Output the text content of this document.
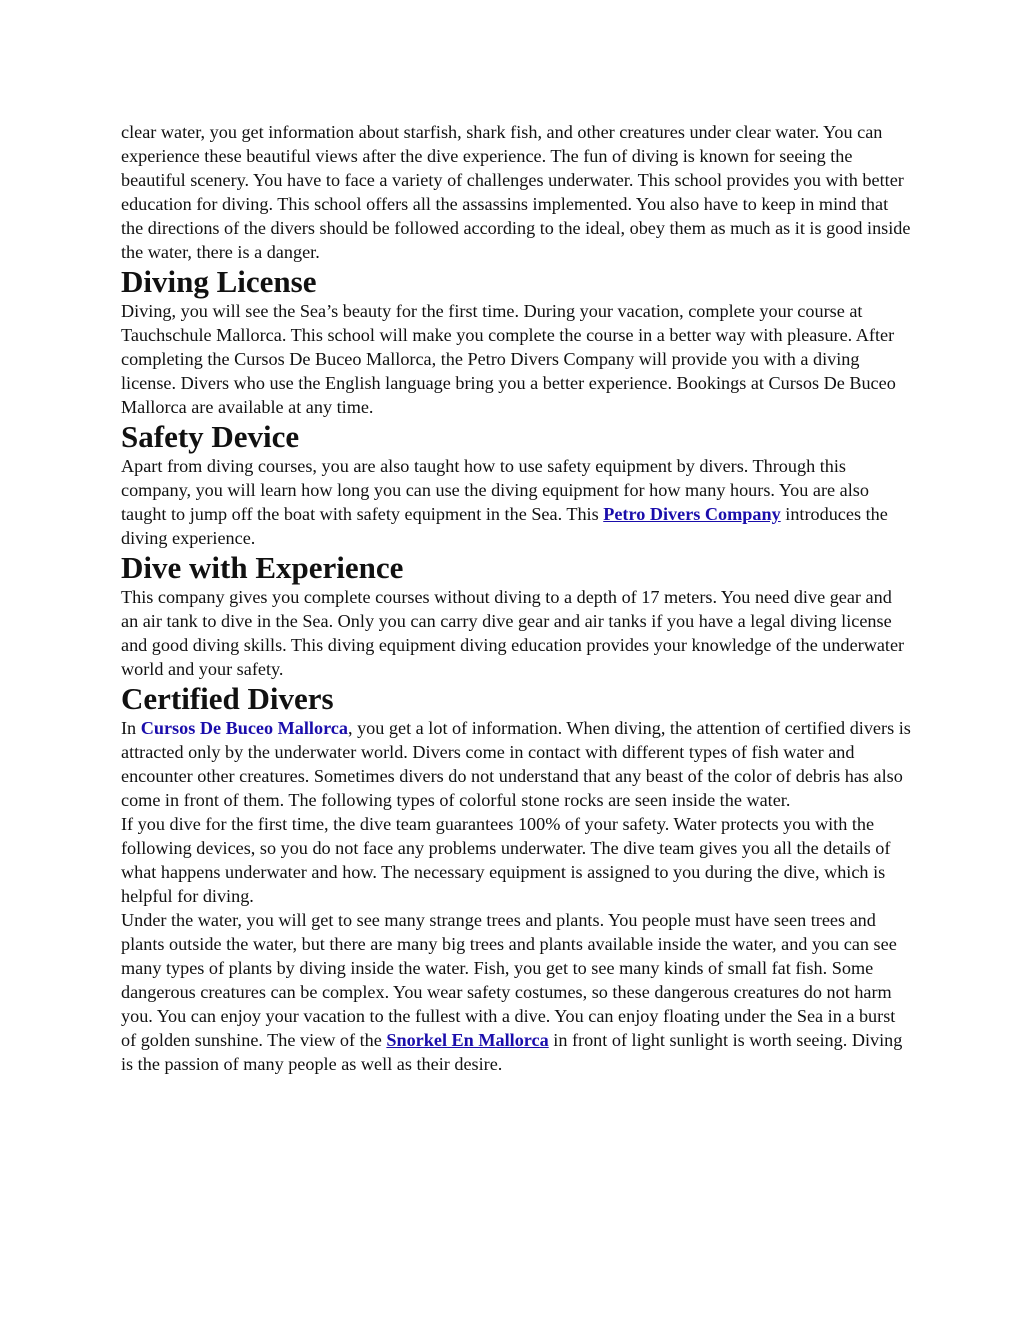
clear water, you get information about starfish, shark fish, and other creatures under clear water. You can experience these beautiful views after the dive experience. The fun of diving is known for seeing the beautiful scenery. You have to face a variety of challenges underwater. This school provides you with better education for diving. This school offers all the assassins implemented. You also have to keep in mind that the directions of the divers should be followed according to the ideal, obey them as much as it is good inside the water, there is a danger.

Diving License

Diving, you will see the Sea’s beauty for the first time. During your vacation, complete your course at Tauchschule Mallorca. This school will make you complete the course in a better way with pleasure. After completing the Cursos De Buceo Mallorca, the Petro Divers Company will provide you with a diving license. Divers who use the English language bring you a better experience. Bookings at Cursos De Buceo Mallorca are available at any time.

Safety Device

Apart from diving courses, you are also taught how to use safety equipment by divers. Through this company, you will learn how long you can use the diving equipment for how many hours. You are also taught to jump off the boat with safety equipment in the Sea. This Petro Divers Company introduces the diving experience.

Dive with Experience

This company gives you complete courses without diving to a depth of 17 meters. You need dive gear and an air tank to dive in the Sea. Only you can carry dive gear and air tanks if you have a legal diving license and good diving skills. This diving equipment diving education provides your knowledge of the underwater world and your safety.

Certified Divers

In Cursos De Buceo Mallorca, you get a lot of information. When diving, the attention of certified divers is attracted only by the underwater world. Divers come in contact with different types of fish water and encounter other creatures. Sometimes divers do not understand that any beast of the color of debris has also come in front of them. The following types of colorful stone rocks are seen inside the water.

If you dive for the first time, the dive team guarantees 100% of your safety. Water protects you with the following devices, so you do not face any problems underwater. The dive team gives you all the details of what happens underwater and how. The necessary equipment is assigned to you during the dive, which is helpful for diving.

Under the water, you will get to see many strange trees and plants. You people must have seen trees and plants outside the water, but there are many big trees and plants available inside the water, and you can see many types of plants by diving inside the water. Fish, you get to see many kinds of small fat fish. Some dangerous creatures can be complex. You wear safety costumes, so these dangerous creatures do not harm you. You can enjoy your vacation to the fullest with a dive. You can enjoy floating under the Sea in a burst of golden sunshine. The view of the Snorkel En Mallorca in front of light sunlight is worth seeing. Diving is the passion of many people as well as their desire.
